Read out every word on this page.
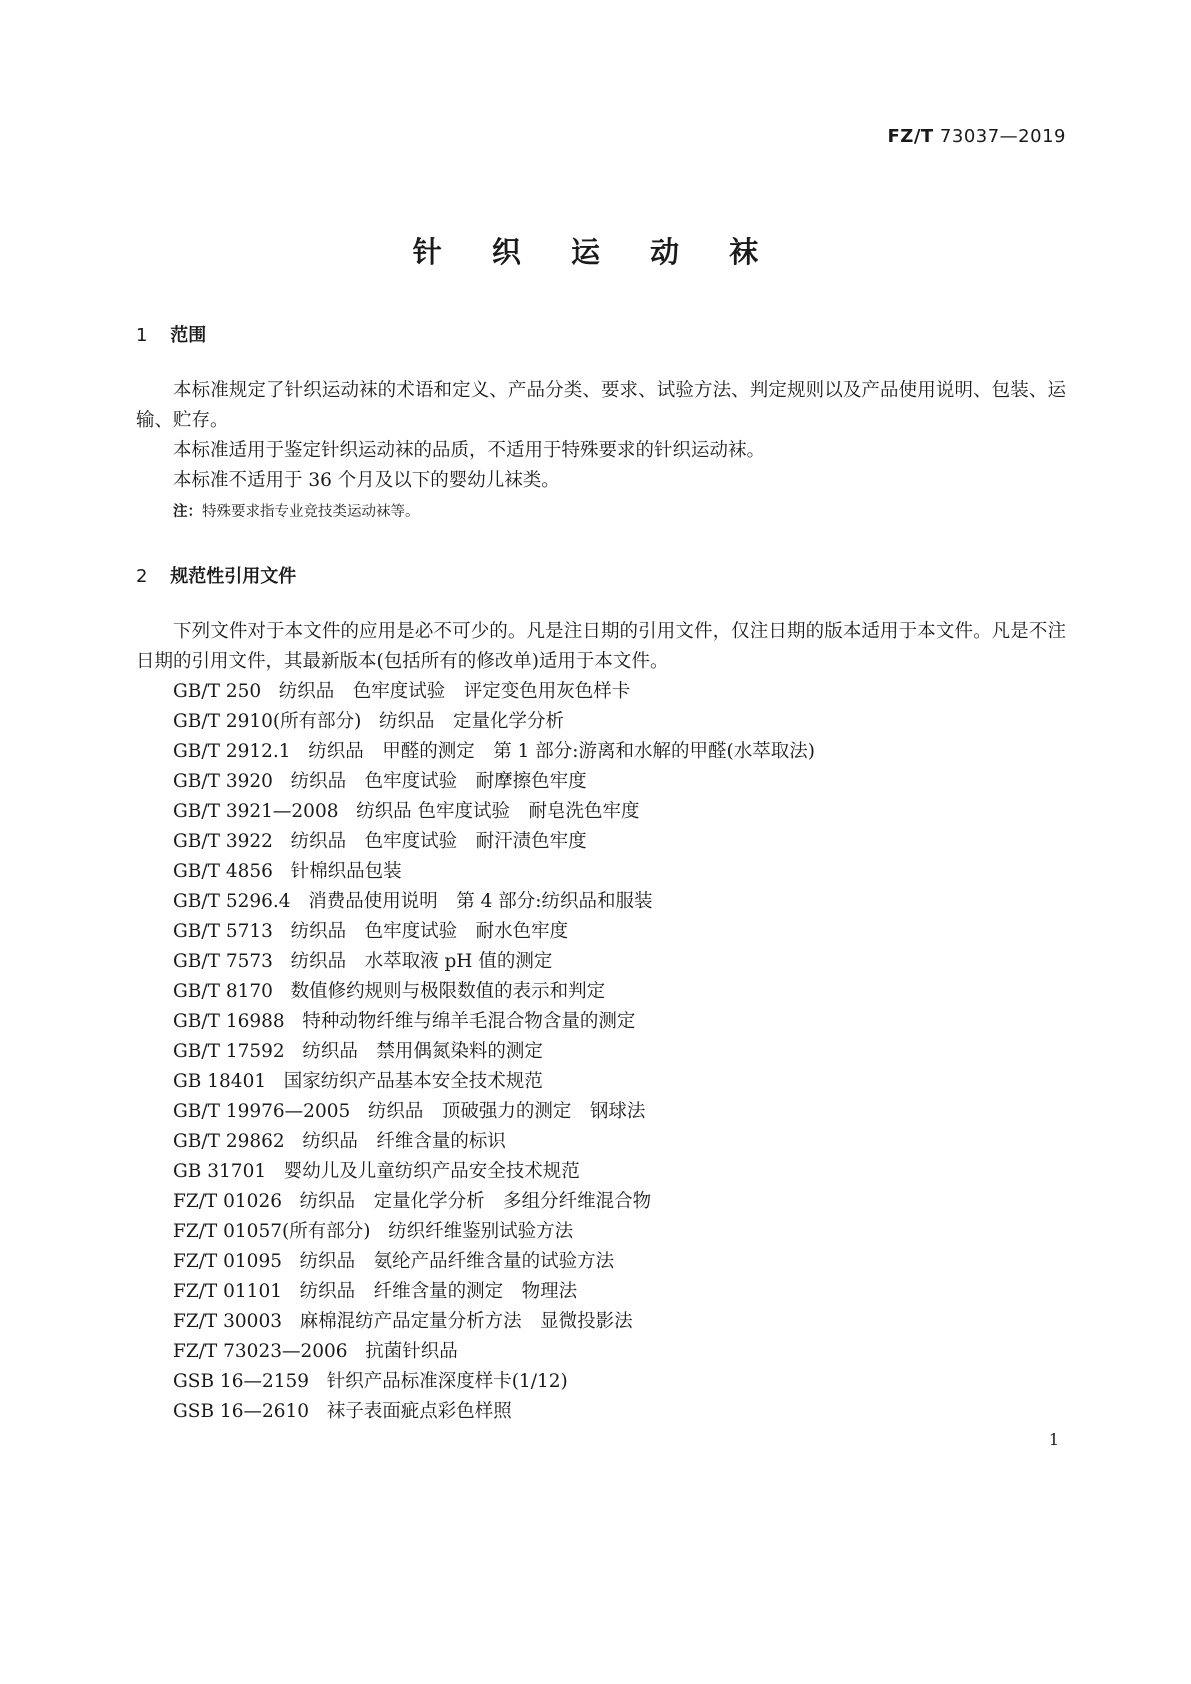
FZ/T 73037—2019
针 织 运 动 袜
1 范围
本标准规定了针织运动袜的术语和定义、产品分类、要求、试验方法、判定规则以及产品使用说明、包装、运输、贮存。
本标准适用于鉴定针织运动袜的品质，不适用于特殊要求的针织运动袜。
本标准不适用于 36 个月及以下的婴幼儿袜类。
注：特殊要求指专业竞技类运动袜等。
2 规范性引用文件
下列文件对于本文件的应用是必不可少的。凡是注日期的引用文件，仅注日期的版本适用于本文件。凡是不注日期的引用文件，其最新版本(包括所有的修改单)适用于本文件。
GB/T 250 纺织品　色牢度试验　评定变色用灰色样卡
GB/T 2910(所有部分) 纺织品　定量化学分析
GB/T 2912.1 纺织品　甲醛的测定　第 1 部分:游离和水解的甲醛(水萃取法)
GB/T 3920 纺织品　色牢度试验　耐摩擦色牢度
GB/T 3921—2008 纺织品 色牢度试验　耐皂洗色牢度
GB/T 3922 纺织品　色牢度试验　耐汗渍色牢度
GB/T 4856 针棉织品包装
GB/T 5296.4 消费品使用说明　第 4 部分:纺织品和服装
GB/T 5713 纺织品　色牢度试验　耐水色牢度
GB/T 7573 纺织品　水萃取液 pH 值的测定
GB/T 8170 数值修约规则与极限数值的表示和判定
GB/T 16988 特种动物纤维与绵羊毛混合物含量的测定
GB/T 17592 纺织品　禁用偶氮染料的测定
GB 18401 国家纺织产品基本安全技术规范
GB/T 19976—2005 纺织品　顶破强力的测定　钢球法
GB/T 29862 纺织品　纤维含量的标识
GB 31701 婴幼儿及儿童纺织产品安全技术规范
FZ/T 01026 纺织品　定量化学分析　多组分纤维混合物
FZ/T 01057(所有部分) 纺织纤维鉴别试验方法
FZ/T 01095 纺织品　氨纶产品纤维含量的试验方法
FZ/T 01101 纺织品　纤维含量的测定　物理法
FZ/T 30003 麻棉混纺产品定量分析方法　显微投影法
FZ/T 73023—2006 抗菌针织品
GSB 16—2159 针织产品标准深度样卡(1/12)
GSB 16—2610 袜子表面疵点彩色样照
1
